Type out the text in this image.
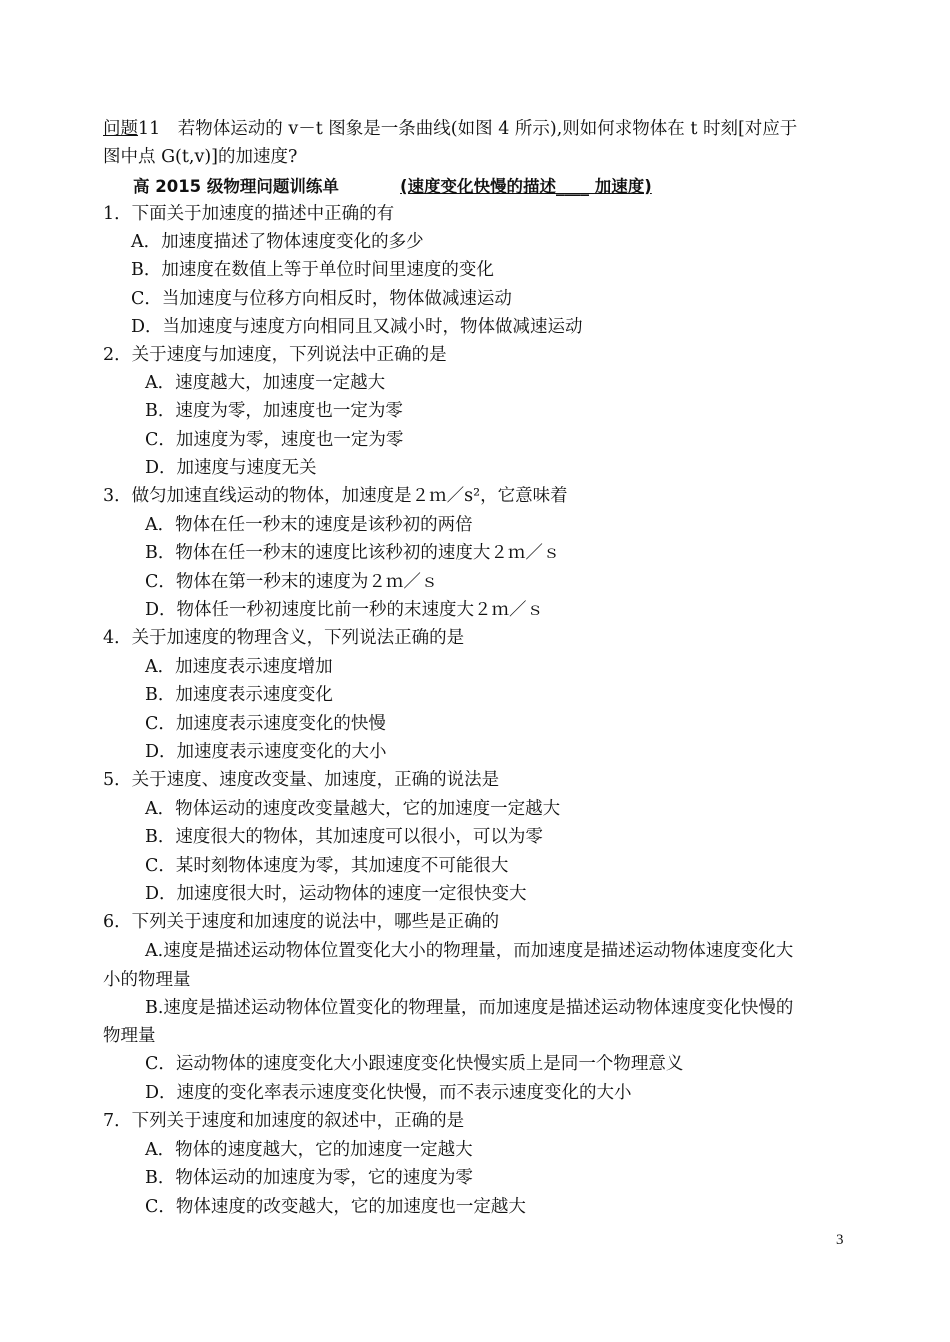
问题11　若物体运动的 v－t 图象是一条曲线(如图 4 所示),则如何求物体在 t 时刻[对应于
图中点 G(t,v)]的加速度?
高 2015 级物理问题训练单	(速度变化快慢的描述____ 加速度)
1．下面关于加速度的描述中正确的有
A．加速度描述了物体速度变化的多少
B．加速度在数值上等于单位时间里速度的变化
C．当加速度与位移方向相反时，物体做减速运动
D．当加速度与速度方向相同且又减小时，物体做减速运动
2．关于速度与加速度，下列说法中正确的是
A．速度越大，加速度一定越大
B．速度为零，加速度也一定为零
C．加速度为零，速度也一定为零
D．加速度与速度无关
3．做匀加速直线运动的物体，加速度是２ｍ／s²，它意味着
A．物体在任一秒末的速度是该秒初的两倍
B．物体在任一秒末的速度比该秒初的速度大２ｍ／ｓ
C．物体在第一秒末的速度为２ｍ／ｓ
D．物体任一秒初速度比前一秒的末速度大２ｍ／ｓ
4．关于加速度的物理含义，下列说法正确的是
A．加速度表示速度增加
B．加速度表示速度变化
C．加速度表示速度变化的快慢
D．加速度表示速度变化的大小
5．关于速度、速度改变量、加速度，正确的说法是
A．物体运动的速度改变量越大，它的加速度一定越大
B．速度很大的物体，其加速度可以很小，可以为零
C．某时刻物体速度为零，其加速度不可能很大
D．加速度很大时，运动物体的速度一定很快变大
6．下列关于速度和加速度的说法中，哪些是正确的
A.速度是描述运动物体位置变化大小的物理量，而加速度是描述运动物体速度变化大
小的物理量
B.速度是描述运动物体位置变化的物理量，而加速度是描述运动物体速度变化快慢的
物理量
C．运动物体的速度变化大小跟速度变化快慢实质上是同一个物理意义
D．速度的变化率表示速度变化快慢，而不表示速度变化的大小
7．下列关于速度和加速度的叙述中，正确的是
A．物体的速度越大，它的加速度一定越大
B．物体运动的加速度为零，它的速度为零
C．物体速度的改变越大，它的加速度也一定越大
3
